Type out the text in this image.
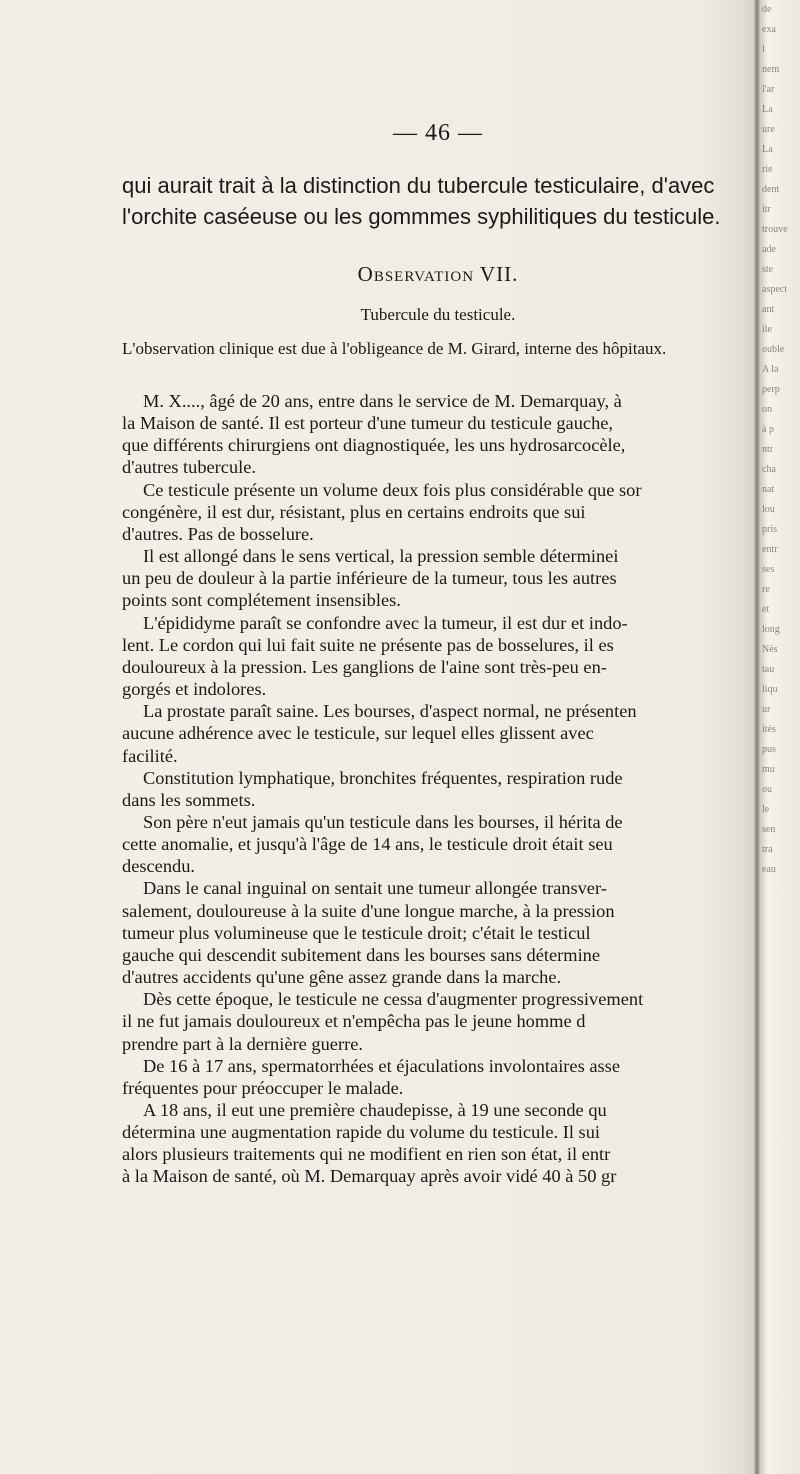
de
exa
l
nem
l'ar
La
ure
La
rie
dent
itr
trouve
ade
ste
aspect
ant
ile
ouble
A la
perp
on
à p
ntr
cha
nat
lou
pris
entr
ses
re
et
long
Nès
tau
liqu
ur
ités
pus
mu
ou
le
sen
tra
eau
— 46 —
qui aurait trait à la distinction du tubercule testiculaire, d'avec
l'orchite caséeuse ou les gommmes syphilitiques du testicule.
Observation VII.
Tubercule du testicule.
L'observation clinique est due à l'obligeance de M. Girard, interne des hôpitaux.
M. X...., âgé de 20 ans, entre dans le service de M. Demarquay, à
la Maison de santé. Il est porteur d'une tumeur du testicule gauche,
que différents chirurgiens ont diagnostiquée, les uns hydrosarcocèle,
d'autres tubercule.
Ce testicule présente un volume deux fois plus considérable que sor
congénère, il est dur, résistant, plus en certains endroits que sui
d'autres. Pas de bosselure.
Il est allongé dans le sens vertical, la pression semble déterminei
un peu de douleur à la partie inférieure de la tumeur, tous les autres
points sont complétement insensibles.
L'épididyme paraît se confondre avec la tumeur, il est dur et indo-
lent. Le cordon qui lui fait suite ne présente pas de bosselures, il es
douloureux à la pression. Les ganglions de l'aine sont très-peu en-
gorgés et indolores.
La prostate paraît saine. Les bourses, d'aspect normal, ne présenten
aucune adhérence avec le testicule, sur lequel elles glissent avec
facilité.
Constitution lymphatique, bronchites fréquentes, respiration rude
dans les sommets.
Son père n'eut jamais qu'un testicule dans les bourses, il hérita de
cette anomalie, et jusqu'à l'âge de 14 ans, le testicule droit était seu
descendu.
Dans le canal inguinal on sentait une tumeur allongée transver-
salement, douloureuse à la suite d'une longue marche, à la pression
tumeur plus volumineuse que le testicule droit; c'était le testicul
gauche qui descendit subitement dans les bourses sans détermine
d'autres accidents qu'une gêne assez grande dans la marche.
Dès cette époque, le testicule ne cessa d'augmenter progressivement
il ne fut jamais douloureux et n'empêcha pas le jeune homme d
prendre part à la dernière guerre.
De 16 à 17 ans, spermatorrhées et éjaculations involontaires asse
fréquentes pour préoccuper le malade.
A 18 ans, il eut une première chaudepisse, à 19 une seconde qu
détermina une augmentation rapide du volume du testicule. Il sui
alors plusieurs traitements qui ne modifient en rien son état, il entr
à la Maison de santé, où M. Demarquay après avoir vidé 40 à 50 gr
